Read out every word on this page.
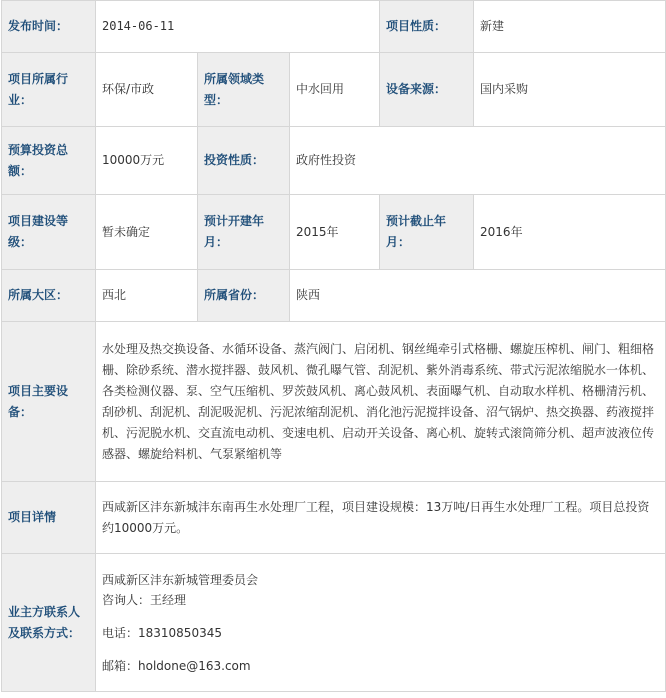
发布时间：	2014-06-11			项目性质：	新建
项目所属行业：	环保/市政	所属领域类型：	中水回用	设备来源：	国内采购
预算投资总额：	10000万元	投资性质：	政府性投资		
项目建设等级：	暂未确定	预计开建年月：	2015年	预计截止年月：	2016年
所属大区：	西北	所属省份：	陕西		
项目主要设备：	水处理及热交换设备、水循环设备、蒸汽阀门、启闭机、钢丝绳牵引式格栅、螺旋压榨机、闸门、粗细格栅、除砂系统、潜水搅拌器、鼓风机、微孔曝气管、刮泥机、紫外消毒系统、带式污泥浓缩脱水一体机、各类检测仪器、泵、空气压缩机、罗茨鼓风机、离心鼓风机、表面曝气机、自动取水样机、格栅清污机、刮砂机、刮泥机、刮泥吸泥机、污泥浓缩刮泥机、消化池污泥搅拌设备、沼气锅炉、热交换器、药液搅拌机、污泥脱水机、交直流电动机、变速电机、启动开关设备、离心机、旋转式滚筒筛分机、超声波液位传感器、螺旋给料机、气泵紧缩机等				
项目详情	西咸新区沣东新城沣东南再生水处理厂工程，项目建设规模：13万吨/日再生水处理厂工程。项目总投资约10000万元。				
业主方联系人及联系方式：	西咸新区沣东新城管理委员会
咨询人：王经理
电话：18310850345
邮箱：holdone@163.com				
